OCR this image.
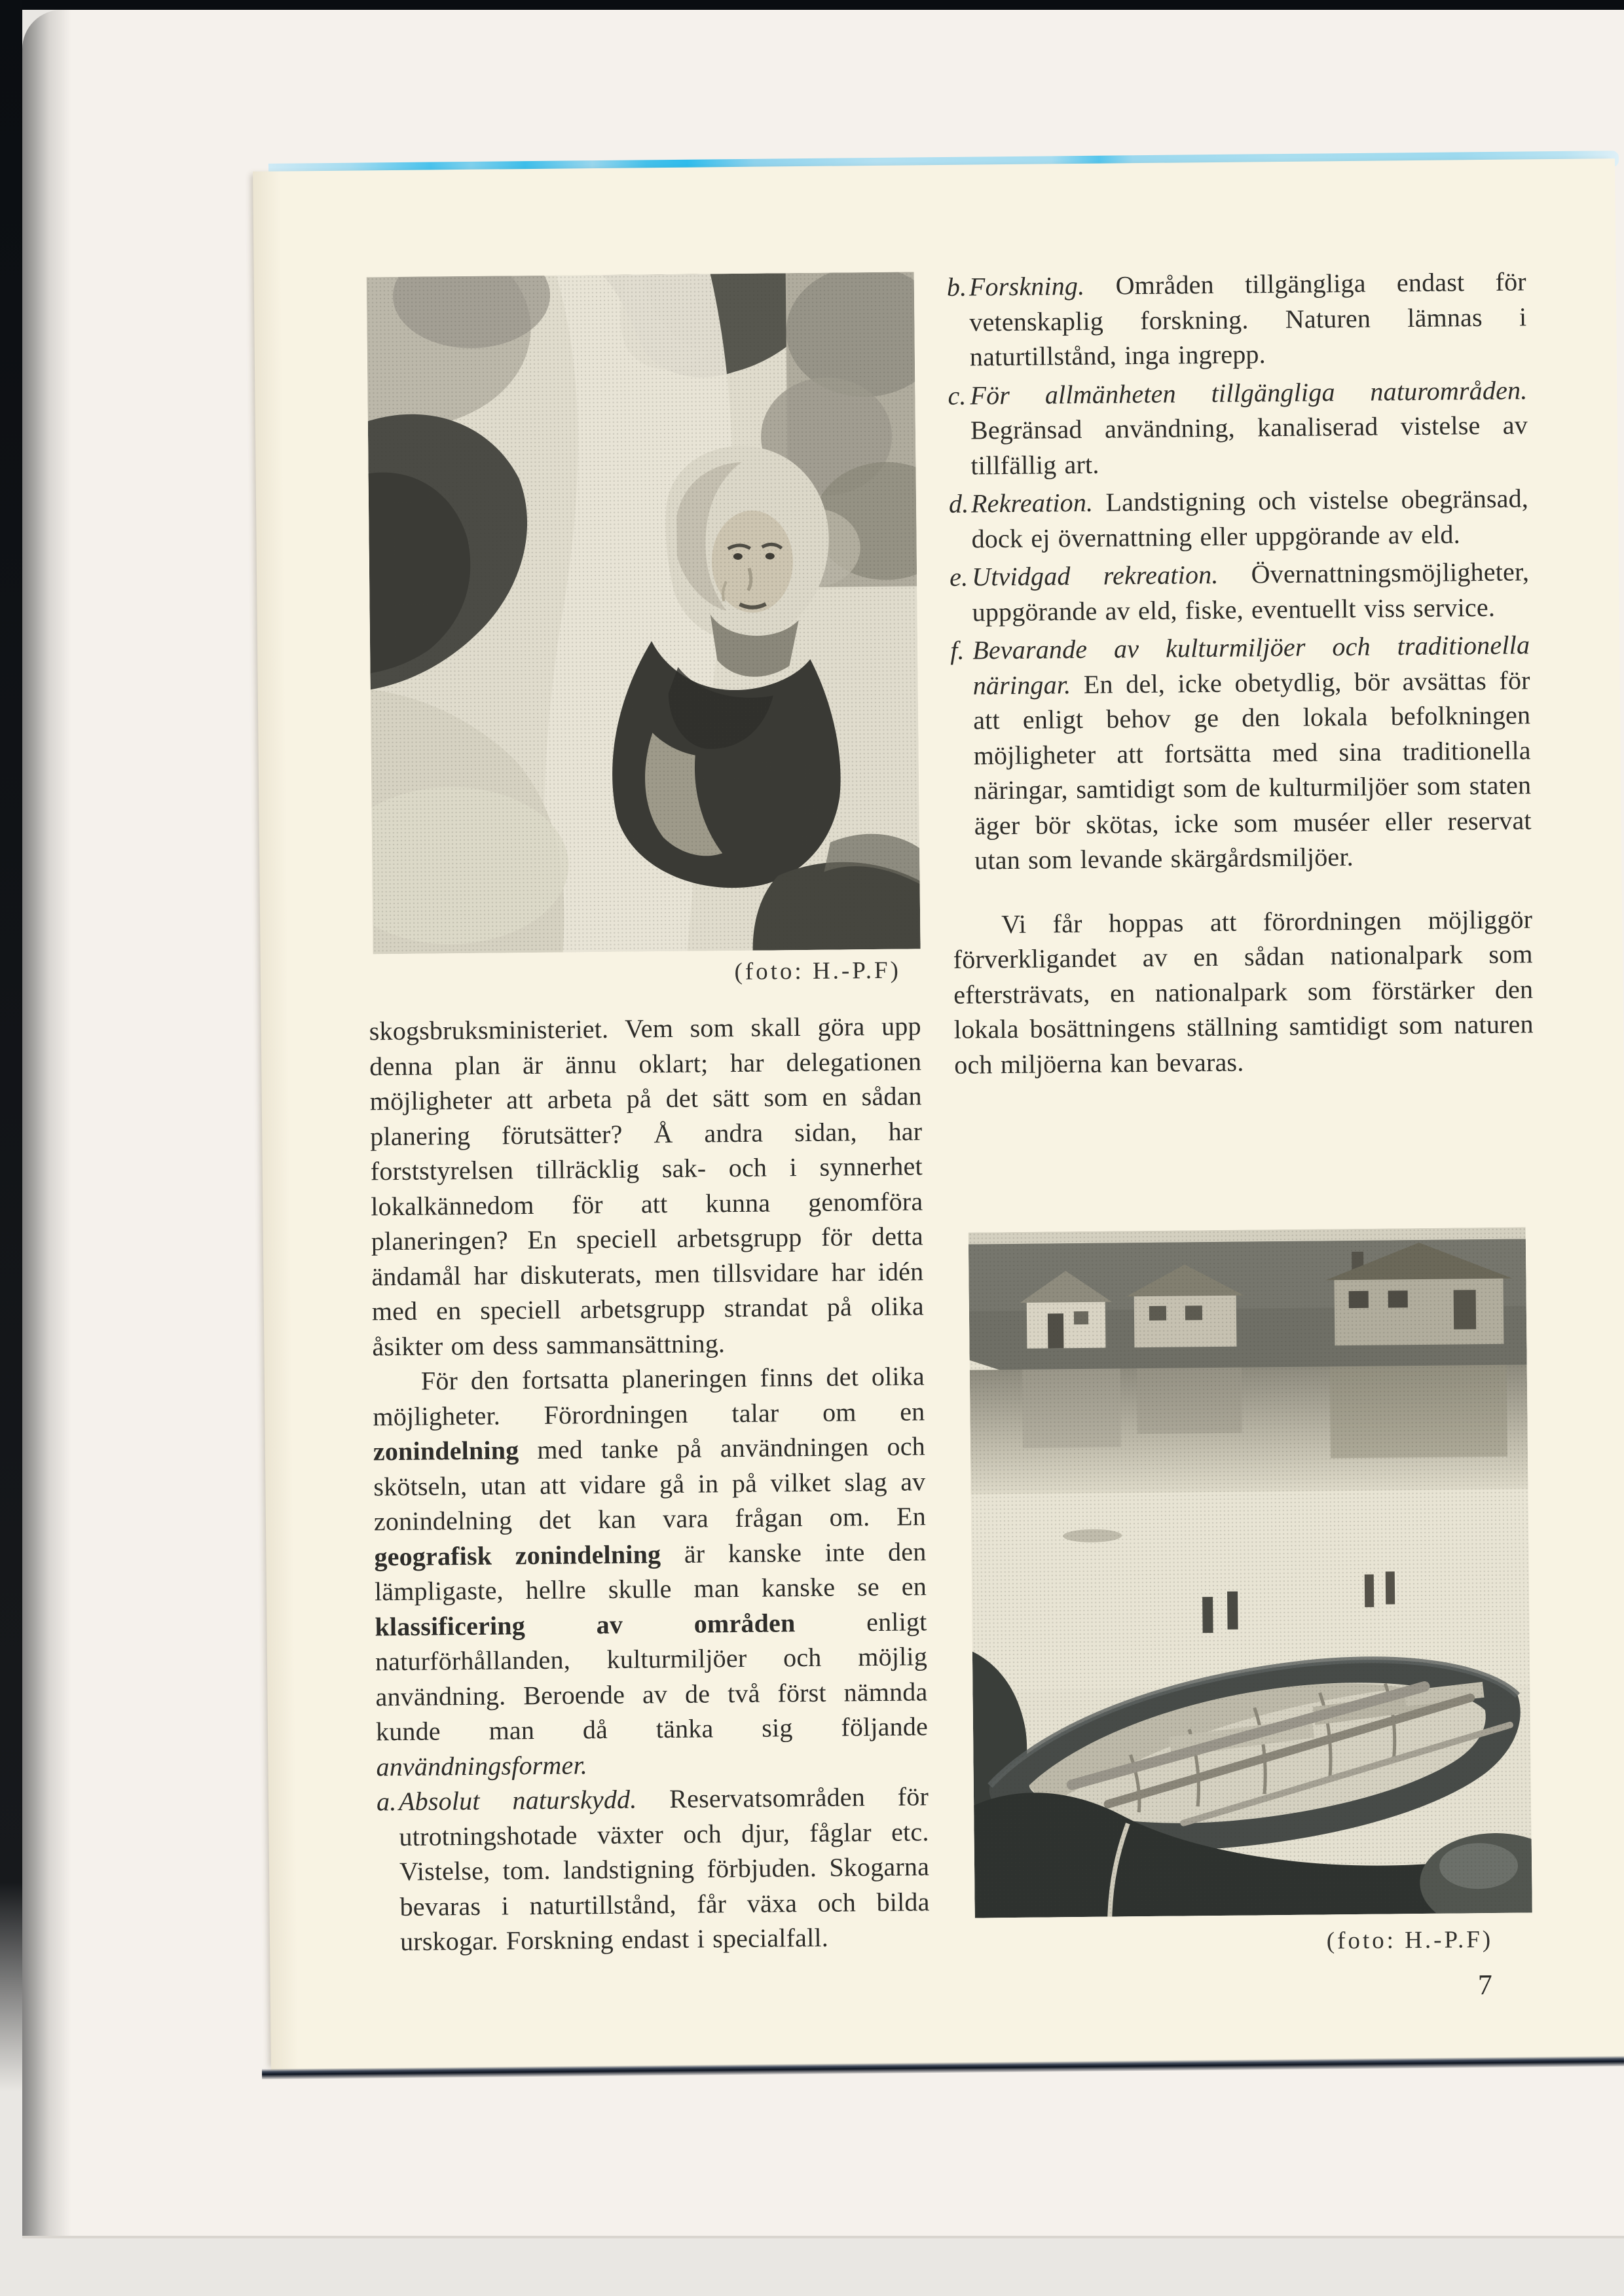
(foto: H.-P.F)

skogsbruksministeriet. Vem som skall göra upp denna plan är ännu oklart; har delegationen möjligheter att arbeta på det sätt som en sådan planering förutsätter? Å andra sidan, har forststyrelsen tillräcklig sak- och i synnerhet lokalkännedom för att kunna genomföra planeringen? En speciell arbetsgrupp för detta ändamål har diskuterats, men tillsvidare har idén med en speciell arbetsgrupp strandat på olika åsikter om dess sammansättning.

För den fortsatta planeringen finns det olika möjligheter. Förordningen talar om en zonindelning med tanke på användningen och skötseln, utan att vidare gå in på vilket slag av zonindelning det kan vara frågan om. En geografisk zonindelning är kanske inte den lämpligaste, hellre skulle man kanske se en klassificering av områden enligt naturförhållanden, kulturmiljöer och möjlig användning. Beroende av de två först nämnda kunde man då tänka sig följande användningsformer.

a. Absolut naturskydd. Reservatsområden för utrotningshotade växter och djur, fåglar etc. Vistelse, tom. landstigning förbjuden. Skogarna bevaras i naturtillstånd, får växa och bilda urskogar. Forskning endast i specialfall.
b. Forskning. Områden tillgängliga endast för vetenskaplig forskning. Naturen lämnas i naturtillstånd, inga ingrepp.
c. För allmänheten tillgängliga naturområden. Begränsad användning, kanaliserad vistelse av tillfällig art.
d. Rekreation. Landstigning och vistelse obegränsad, dock ej övernattning eller uppgörande av eld.
e. Utvidgad rekreation. Övernattningsmöjligheter, uppgörande av eld, fiske, eventuellt viss service.
f. Bevarande av kulturmiljöer och traditionella näringar. En del, icke obetydlig, bör avsättas för att enligt behov ge den lokala befolkningen möjligheter att fortsätta med sina traditionella näringar, samtidigt som de kulturmiljöer som staten äger bör skötas, icke som muséer eller reservat utan som levande skärgårdsmiljöer.

Vi får hoppas att förordningen möjliggör förverkligandet av en sådan nationalpark som eftersträvats, en nationalpark som förstärker den lokala bosättningens ställning samtidigt som naturen och miljöerna kan bevaras.

(foto: H.-P.F)
7
